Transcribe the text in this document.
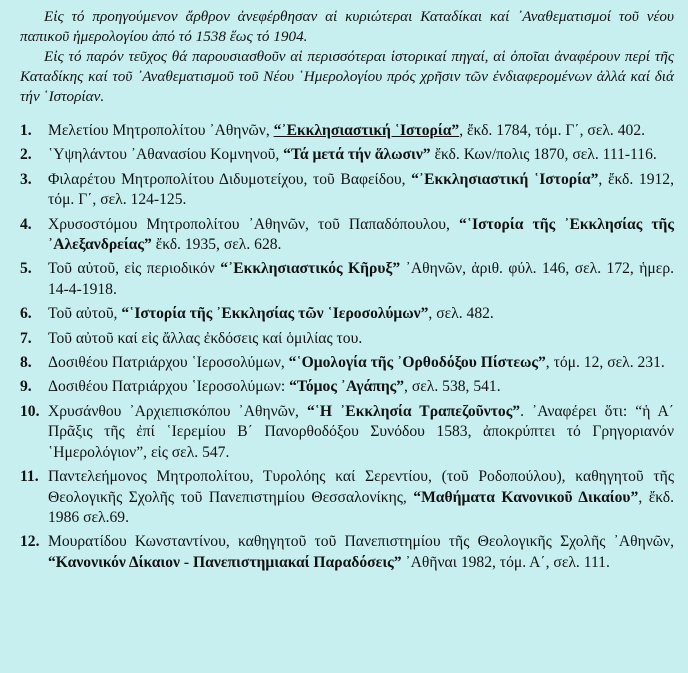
Εἰς τό προηγούμενον ἄρθρον ἀνεφέρθησαν αἱ κυριώτεραι Καταδίκαι καί ᾿Αναθεματισμοί τοῦ νέου παπικοῦ ἡμερολογίου ἀπό τό 1538 ἕως τό 1904.

Εἰς τό παρόν τεῦχος θά παρουσιασθοῦν αἱ περισσότεραι ἱστορικαί πηγαί, αἱ ὁποῖαι ἀναφέρουν περί τῆς Καταδίκης καί τοῦ ᾿Αναθεματισμοῦ τοῦ Νέου ῾Ημερολογίου πρός χρῆσιν τῶν ἐνδιαφερομένων ἀλλά καί διά τήν ῾Ιστορίαν.

1. Μελετίου Μητροπολίτου ᾿Αθηνῶν, “᾿Εκκλησιαστική ῾Ιστορία”, ἔκδ. 1784, τόμ. Γ΄, σελ. 402.
2. ῾Υψηλάντου ᾿Αθανασίου Κομνηνοῦ, “Τά μετά τήν ἅλωσιν” ἔκδ. Κων/πολις 1870, σελ. 111-116.
3. Φιλαρέτου Μητροπολίτου Διδυμοτείχου, τοῦ Βαφείδου, “᾿Εκκλησιαστική ῾Ιστορία”, ἔκδ. 1912, τόμ. Γ΄, σελ. 124-125.
4. Χρυσοστόμου Μητροπολίτου ᾿Αθηνῶν, τοῦ Παπαδόπουλου, “῾Ιστορία τῆς ᾿Εκκλησίας τῆς ᾿Αλεξανδρείας” ἔκδ. 1935, σελ. 628.
5. Τοῦ αὐτοῦ, εἰς περιοδικόν “᾿Εκκλησιαστικός Κῆρυξ” ᾿Αθηνῶν, ἀριθ. φύλ. 146, σελ. 172, ἡμερ. 14-4-1918.
6. Τοῦ αὐτοῦ, “῾Ιστορία τῆς ᾿Εκκλησίας τῶν ῾Ιεροσολύμων”, σελ. 482.
7. Τοῦ αὐτοῦ καί εἰς ἄλλας ἐκδόσεις καί ὁμιλίας του.
8. Δοσιθέου Πατριάρχου ῾Ιεροσολύμων, “῾Ομολογία τῆς ᾿Ορθοδόξου Πίστεως”, τόμ. 12, σελ. 231.
9. Δοσιθέου Πατριάρχου ῾Ιεροσολύμων: “Τόμος ᾿Αγάπης”, σελ. 538, 541.
10. Χρυσάνθου ᾿Αρχιεπισκόπου ᾿Αθηνῶν, “῾Η ᾿Εκκλησία Τραπεζοῦντος”. ᾿Αναφέρει ὅτι: “ἡ Α΄ Πρᾶξις τῆς ἐπί ῾Ιερεμίου Β΄ Πανορθοδόξου Συνόδου 1583, ἀποκρύπτει τό Γρηγοριανόν ῾Ημερολόγιον”, εἰς σελ. 547.
11. Παντελεήμονος Μητροπολίτου, Τυρολόης καί Σερεντίου, (τοῦ Ροδοπούλου), καθηγητοῦ τῆς Θεολογικῆς Σχολῆς τοῦ Πανεπιστημίου Θεσσαλονίκης, “Μαθήματα Κανονικοῦ Δικαίου”, ἔκδ. 1986 σελ.69.
12. Μουρατίδου Κωνσταντίνου, καθηγητοῦ τοῦ Πανεπιστημίου τῆς Θεολογικῆς Σχολῆς ᾿Αθηνῶν, “Κανονικόν Δίκαιον - Πανεπιστημιακαί Παραδόσεις” ᾿Αθῆναι 1982, τόμ. Α΄, σελ. 111.
